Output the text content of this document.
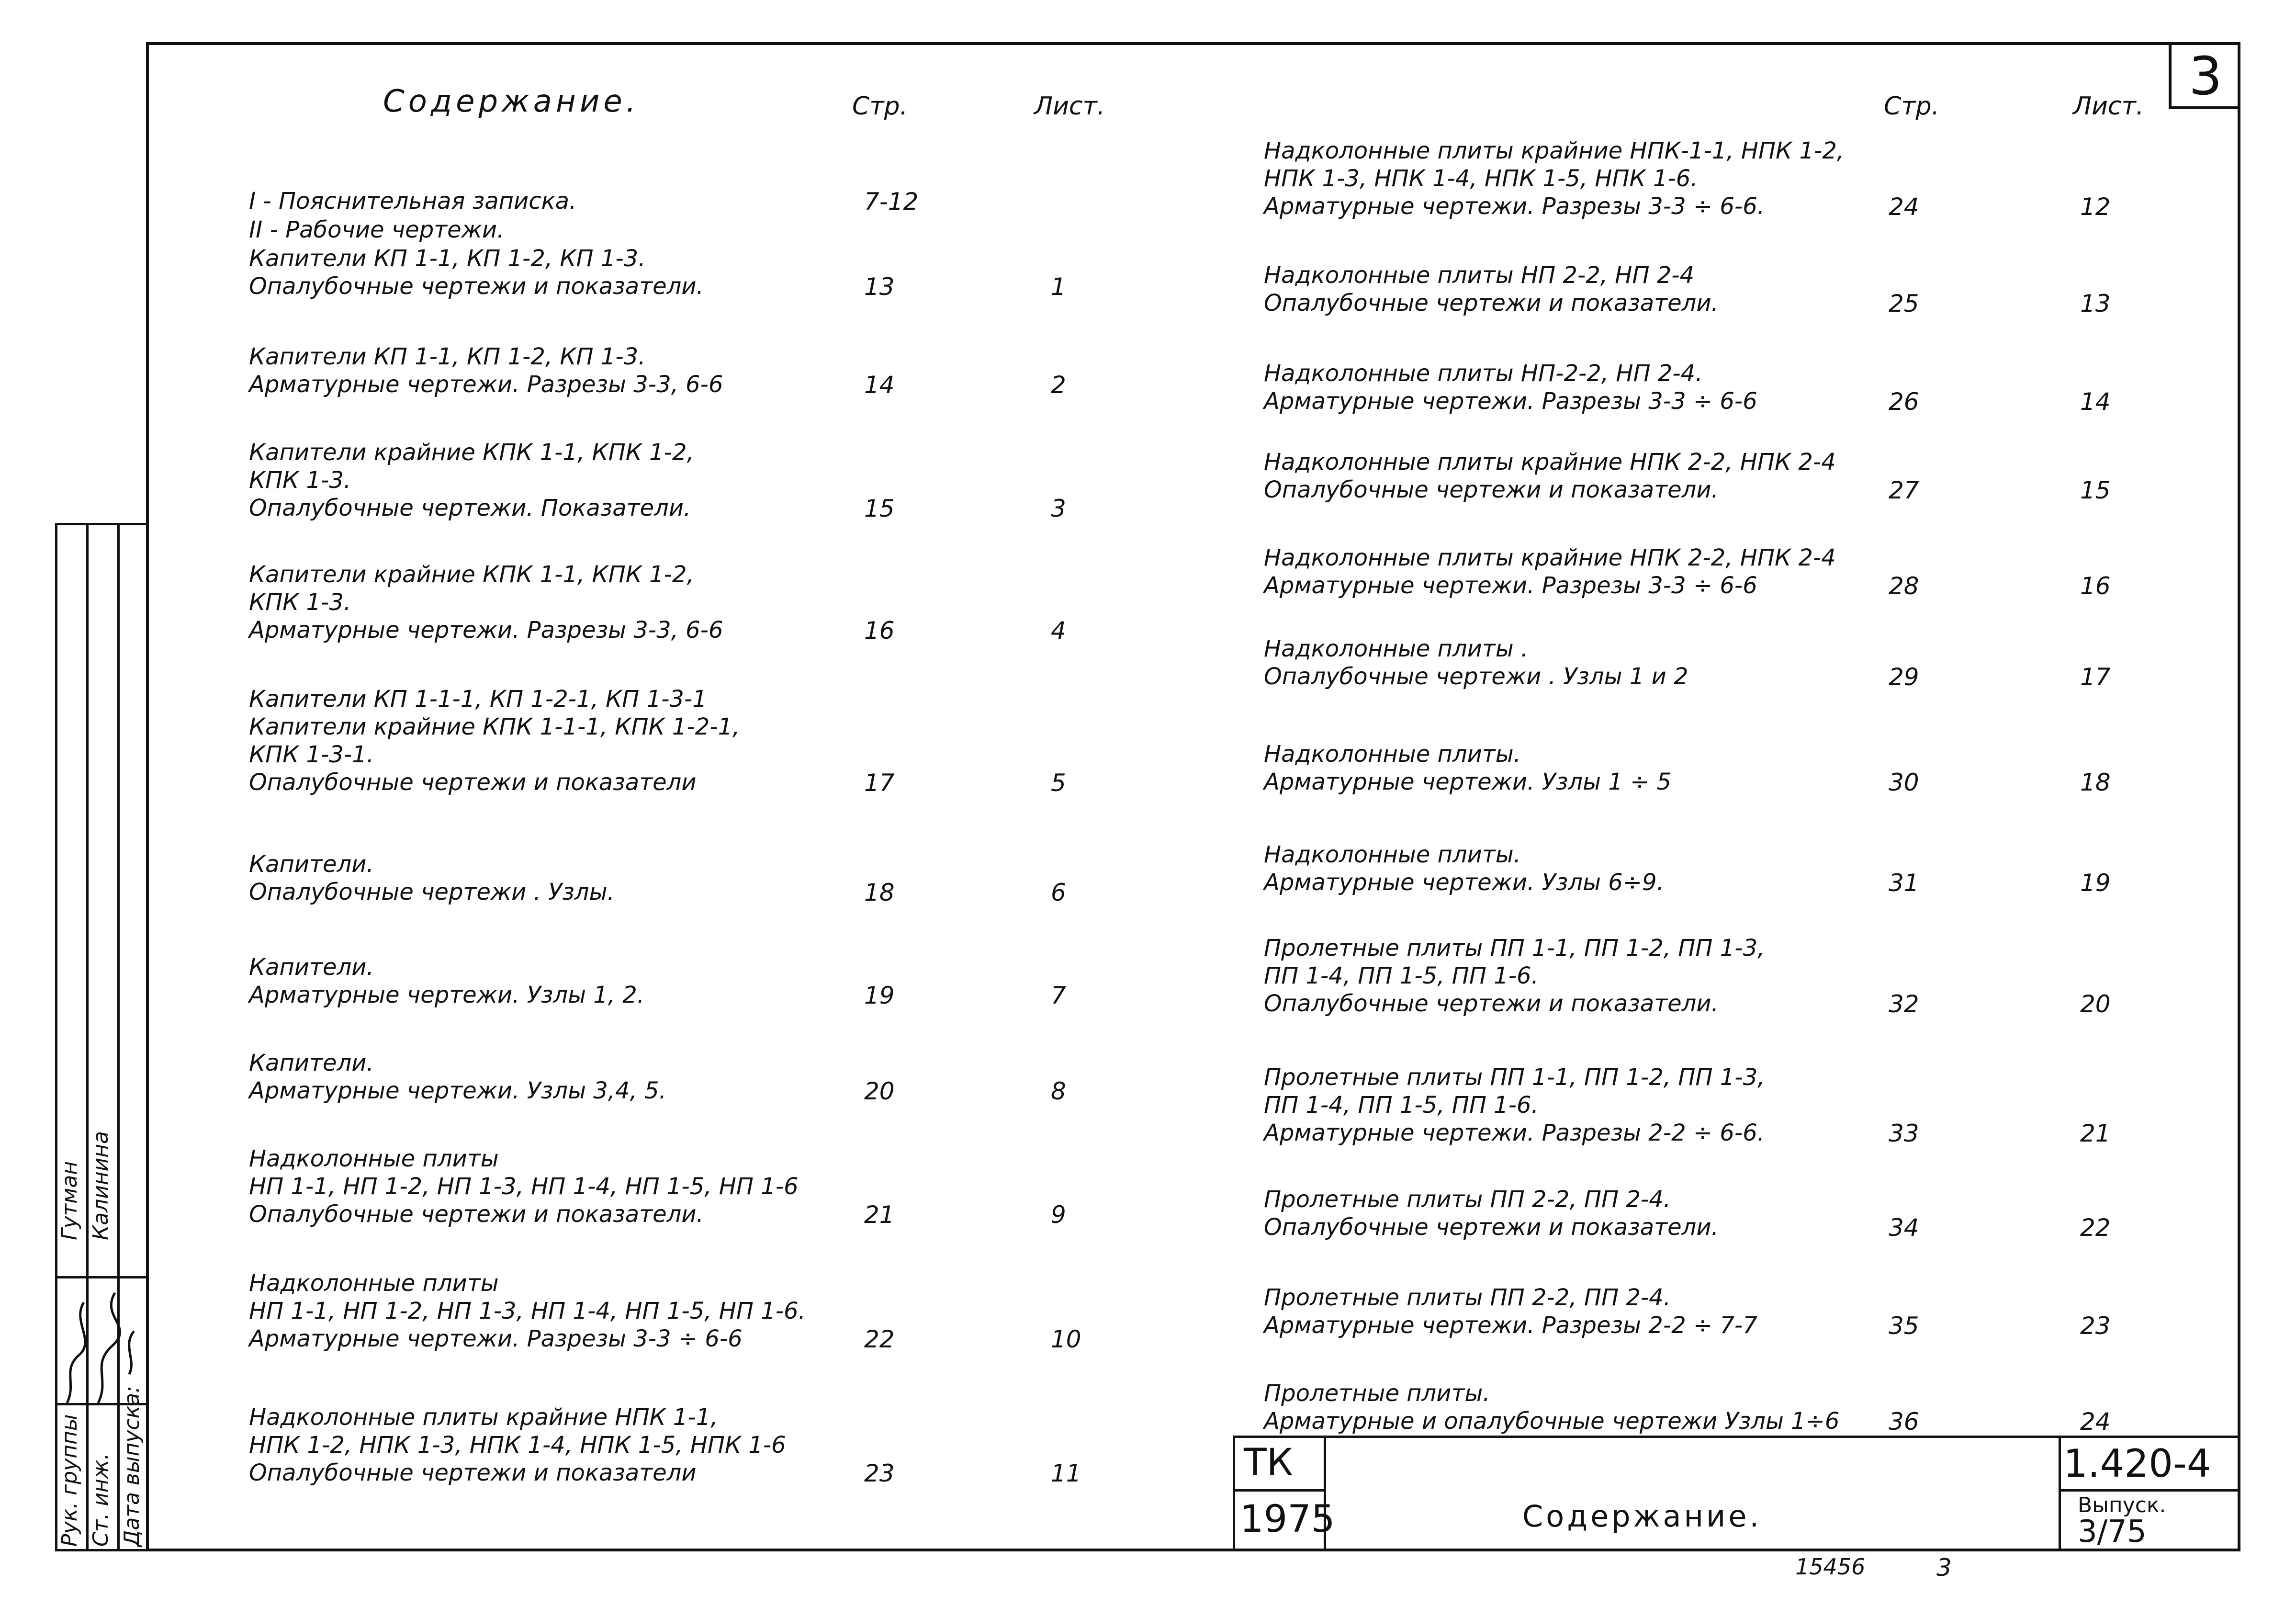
3
Содержание.	Стр.	Лист.	Стр.	Лист.
I - Пояснительная записка.	7-12
II - Рабочие чертежи.
Капители КП 1-1, КП 1-2, КП 1-3.
Опалубочные чертежи и показатели.	13	1
Капители КП 1-1, КП 1-2, КП 1-3.
Арматурные чертежи. Разрезы 3-3, 6-6	14	2
Капители крайние КПК 1-1, КПК 1-2,
КПК 1-3.
Опалубочные чертежи. Показатели.	15	3
Капители крайние КПК 1-1, КПК 1-2,
КПК 1-3.
Арматурные чертежи. Разрезы 3-3, 6-6	16	4
Капители КП 1-1-1, КП 1-2-1, КП 1-3-1
Капители крайние КПК 1-1-1, КПК 1-2-1,
КПК 1-3-1.
Опалубочные чертежи и показатели	17	5
Капители.
Опалубочные чертежи . Узлы.	18	6
Капители.
Арматурные чертежи. Узлы 1, 2.	19	7
Капители.
Арматурные чертежи. Узлы 3,4, 5.	20	8
Надколонные плиты
НП 1-1, НП 1-2, НП 1-3, НП 1-4, НП 1-5, НП 1-6
Опалубочные чертежи и показатели.	21	9
Надколонные плиты
НП 1-1, НП 1-2, НП 1-3, НП 1-4, НП 1-5, НП 1-6.
Арматурные чертежи. Разрезы 3-3 ÷ 6-6	22	10
Надколонные плиты крайние НПК 1-1,
НПК 1-2, НПК 1-3, НПК 1-4, НПК 1-5, НПК 1-6
Опалубочные чертежи и показатели	23	11
Надколонные плиты крайние НПК-1-1, НПК 1-2,
НПК 1-3, НПК 1-4, НПК 1-5, НПК 1-6.
Арматурные чертежи. Разрезы 3-3 ÷ 6-6.	24	12
Надколонные плиты НП 2-2, НП 2-4
Опалубочные чертежи и показатели.	25	13
Надколонные плиты НП-2-2, НП 2-4.
Арматурные чертежи. Разрезы 3-3 ÷ 6-6	26	14
Надколонные плиты крайние НПК 2-2, НПК 2-4
Опалубочные чертежи и показатели.	27	15
Надколонные плиты крайние НПК 2-2, НПК 2-4
Арматурные чертежи. Разрезы 3-3 ÷ 6-6	28	16
Надколонные плиты .
Опалубочные чертежи . Узлы 1 и 2	29	17
Надколонные плиты.
Арматурные чертежи. Узлы 1 ÷ 5	30	18
Надколонные плиты.
Арматурные чертежи. Узлы 6÷9.	31	19
Пролетные плиты ПП 1-1, ПП 1-2, ПП 1-3,
ПП 1-4, ПП 1-5, ПП 1-6.
Опалубочные чертежи и показатели.	32	20
Пролетные плиты ПП 1-1, ПП 1-2, ПП 1-3,
ПП 1-4, ПП 1-5, ПП 1-6.
Арматурные чертежи. Разрезы 2-2 ÷ 6-6.	33	21
Пролетные плиты ПП 2-2, ПП 2-4.
Опалубочные чертежи и показатели.	34	22
Пролетные плиты ПП 2-2, ПП 2-4.
Арматурные чертежи. Разрезы 2-2 ÷ 7-7	35	23
Пролетные плиты.
Арматурные и опалубочные чертежи Узлы 1÷6 36	24
ТК
1975	Содержание.
1.420-4
Выпуск.
3/75
Рук. группы Ст. инж. Дата выпуска:
Гутман Калинина
15456	3
